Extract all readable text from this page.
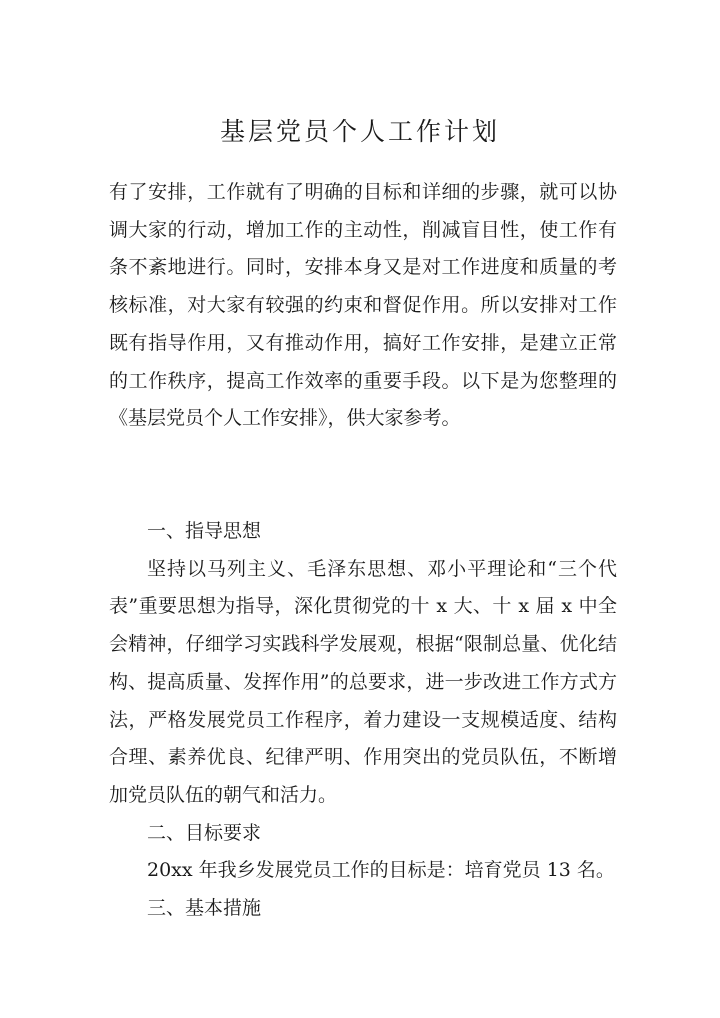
基层党员个人工作计划

有了安排，工作就有了明确的目标和详细的步骤，就可以协调大家的行动，增加工作的主动性，削减盲目性，使工作有条不紊地进行。同时，安排本身又是对工作进度和质量的考核标准，对大家有较强的约束和督促作用。所以安排对工作既有指导作用，又有推动作用，搞好工作安排，是建立正常的工作秩序，提高工作效率的重要手段。以下是为您整理的《基层党员个人工作安排》，供大家参考。

一、指导思想

坚持以马列主义、毛泽东思想、邓小平理论和“三个代表”重要思想为指导，深化贯彻党的十 x 大、十 x 届 x 中全会精神，仔细学习实践科学发展观，根据“限制总量、优化结构、提高质量、发挥作用”的总要求，进一步改进工作方式方法，严格发展党员工作程序，着力建设一支规模适度、结构合理、素养优良、纪律严明、作用突出的党员队伍，不断增加党员队伍的朝气和活力。

二、目标要求

20xx 年我乡发展党员工作的目标是：培育党员 13 名。

三、基本措施
